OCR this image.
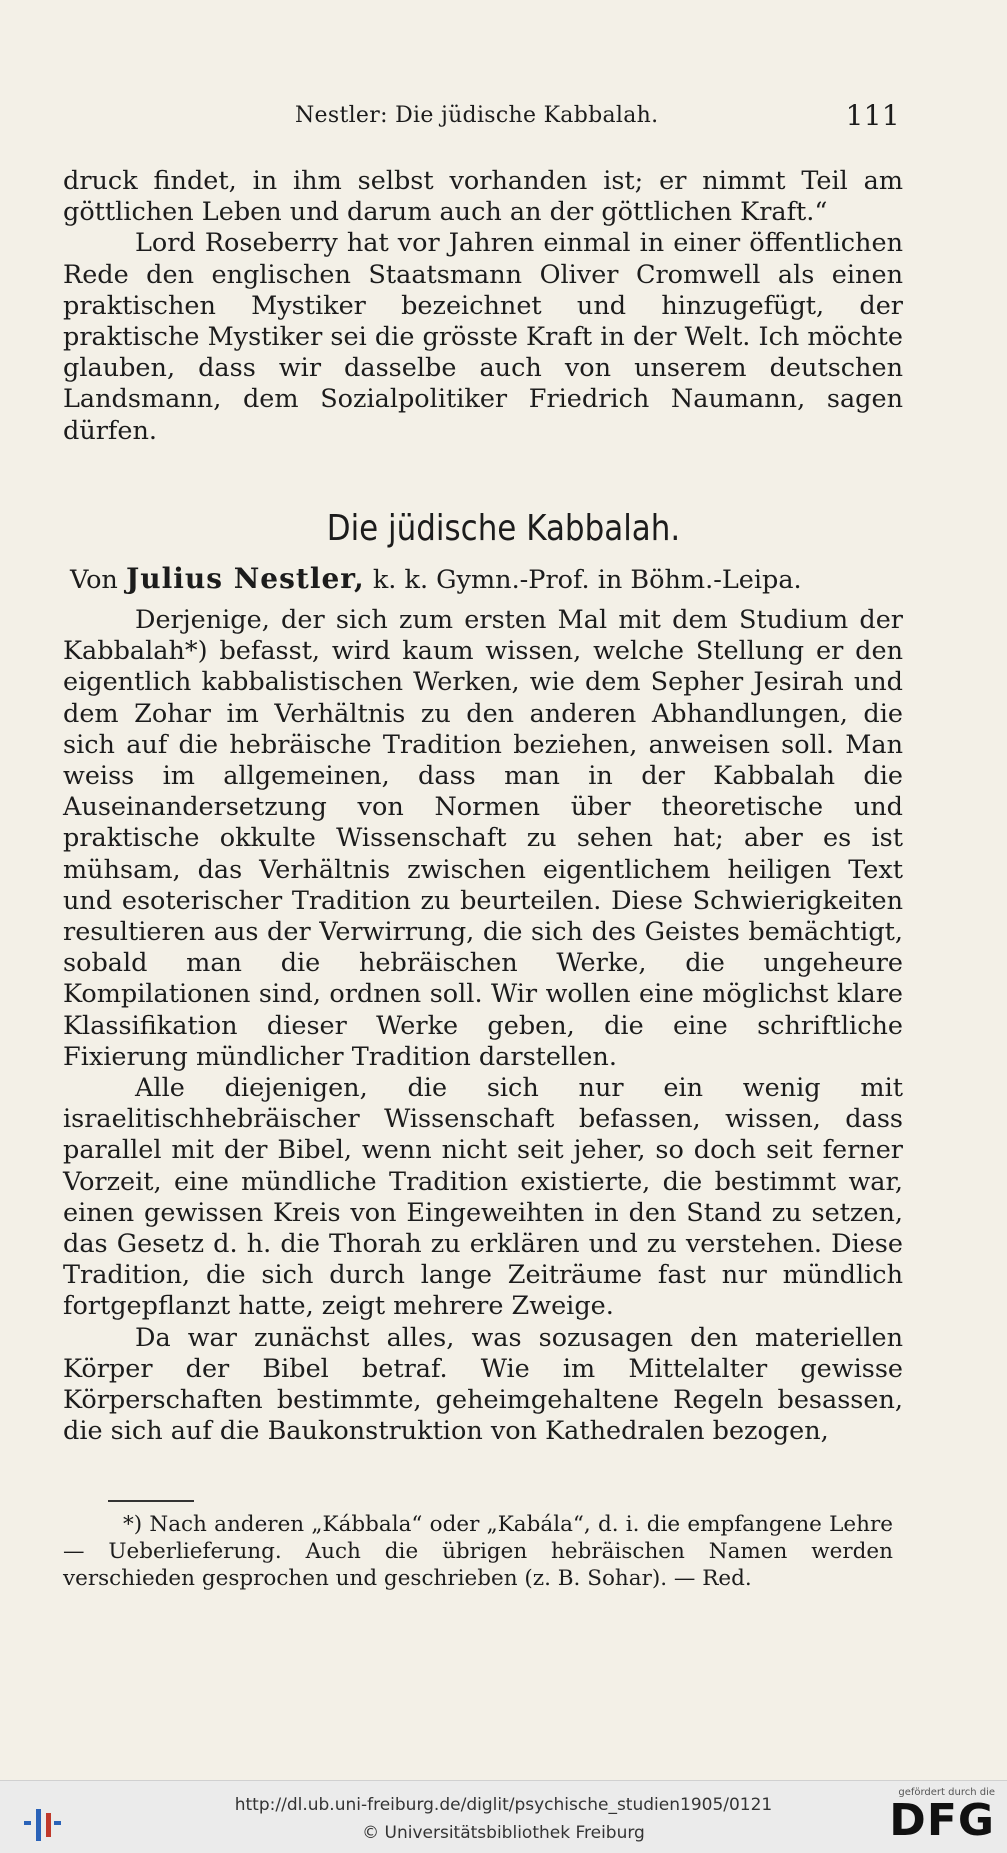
Nestler: Die jüdische Kabbalah.	111

druck findet, in ihm selbst vorhanden ist; er nimmt Teil am göttlichen Leben und darum auch an der göttlichen Kraft.“

Lord Roseberry hat vor Jahren einmal in einer öffentlichen Rede den englischen Staatsmann Oliver Cromwell als einen praktischen Mystiker bezeichnet und hinzugefügt, der praktische Mystiker sei die grösste Kraft in der Welt. Ich möchte glauben, dass wir dasselbe auch von unserem deutschen Landsmann, dem Sozialpolitiker Friedrich Naumann, sagen dürfen.

Die jüdische Kabbalah.
Von Julius Nestler, k. k. Gymn.-Prof. in Böhm.-Leipa.

Derjenige, der sich zum ersten Mal mit dem Studium der Kabbalah*) befasst, wird kaum wissen, welche Stellung er den eigentlich kabbalistischen Werken, wie dem Sepher Jesirah und dem Zohar im Verhältnis zu den anderen Abhandlungen, die sich auf die hebräische Tradition beziehen, anweisen soll. Man weiss im allgemeinen, dass man in der Kabbalah die Auseinandersetzung von Normen über theoretische und praktische okkulte Wissenschaft zu sehen hat; aber es ist mühsam, das Verhältnis zwischen eigentlichem heiligen Text und esoterischer Tradition zu beurteilen. Diese Schwierigkeiten resultieren aus der Verwirrung, die sich des Geistes bemächtigt, sobald man die hebräischen Werke, die ungeheure Kompilationen sind, ordnen soll. Wir wollen eine möglichst klare Klassifikation dieser Werke geben, die eine schriftliche Fixierung mündlicher Tradition darstellen.

Alle diejenigen, die sich nur ein wenig mit israelitischhebräischer Wissenschaft befassen, wissen, dass parallel mit der Bibel, wenn nicht seit jeher, so doch seit ferner Vorzeit, eine mündliche Tradition existierte, die bestimmt war, einen gewissen Kreis von Eingeweihten in den Stand zu setzen, das Gesetz d. h. die Thorah zu erklären und zu verstehen. Diese Tradition, die sich durch lange Zeiträume fast nur mündlich fortgepflanzt hatte, zeigt mehrere Zweige.

Da war zunächst alles, was sozusagen den materiellen Körper der Bibel betraf. Wie im Mittelalter gewisse Körperschaften bestimmte, geheimgehaltene Regeln besassen, die sich auf die Baukonstruktion von Kathedralen bezogen,

*) Nach anderen „Kábbala“ oder „Kabála“, d. i. die empfangene Lehre — Ueberlieferung. Auch die übrigen hebräischen Namen werden verschieden gesprochen und geschrieben (z. B. Sohar). — Red.

http://dl.ub.uni-freiburg.de/diglit/psychische_studien1905/0121
© Universitätsbibliothek Freiburg
gefördert durch die
DFG
